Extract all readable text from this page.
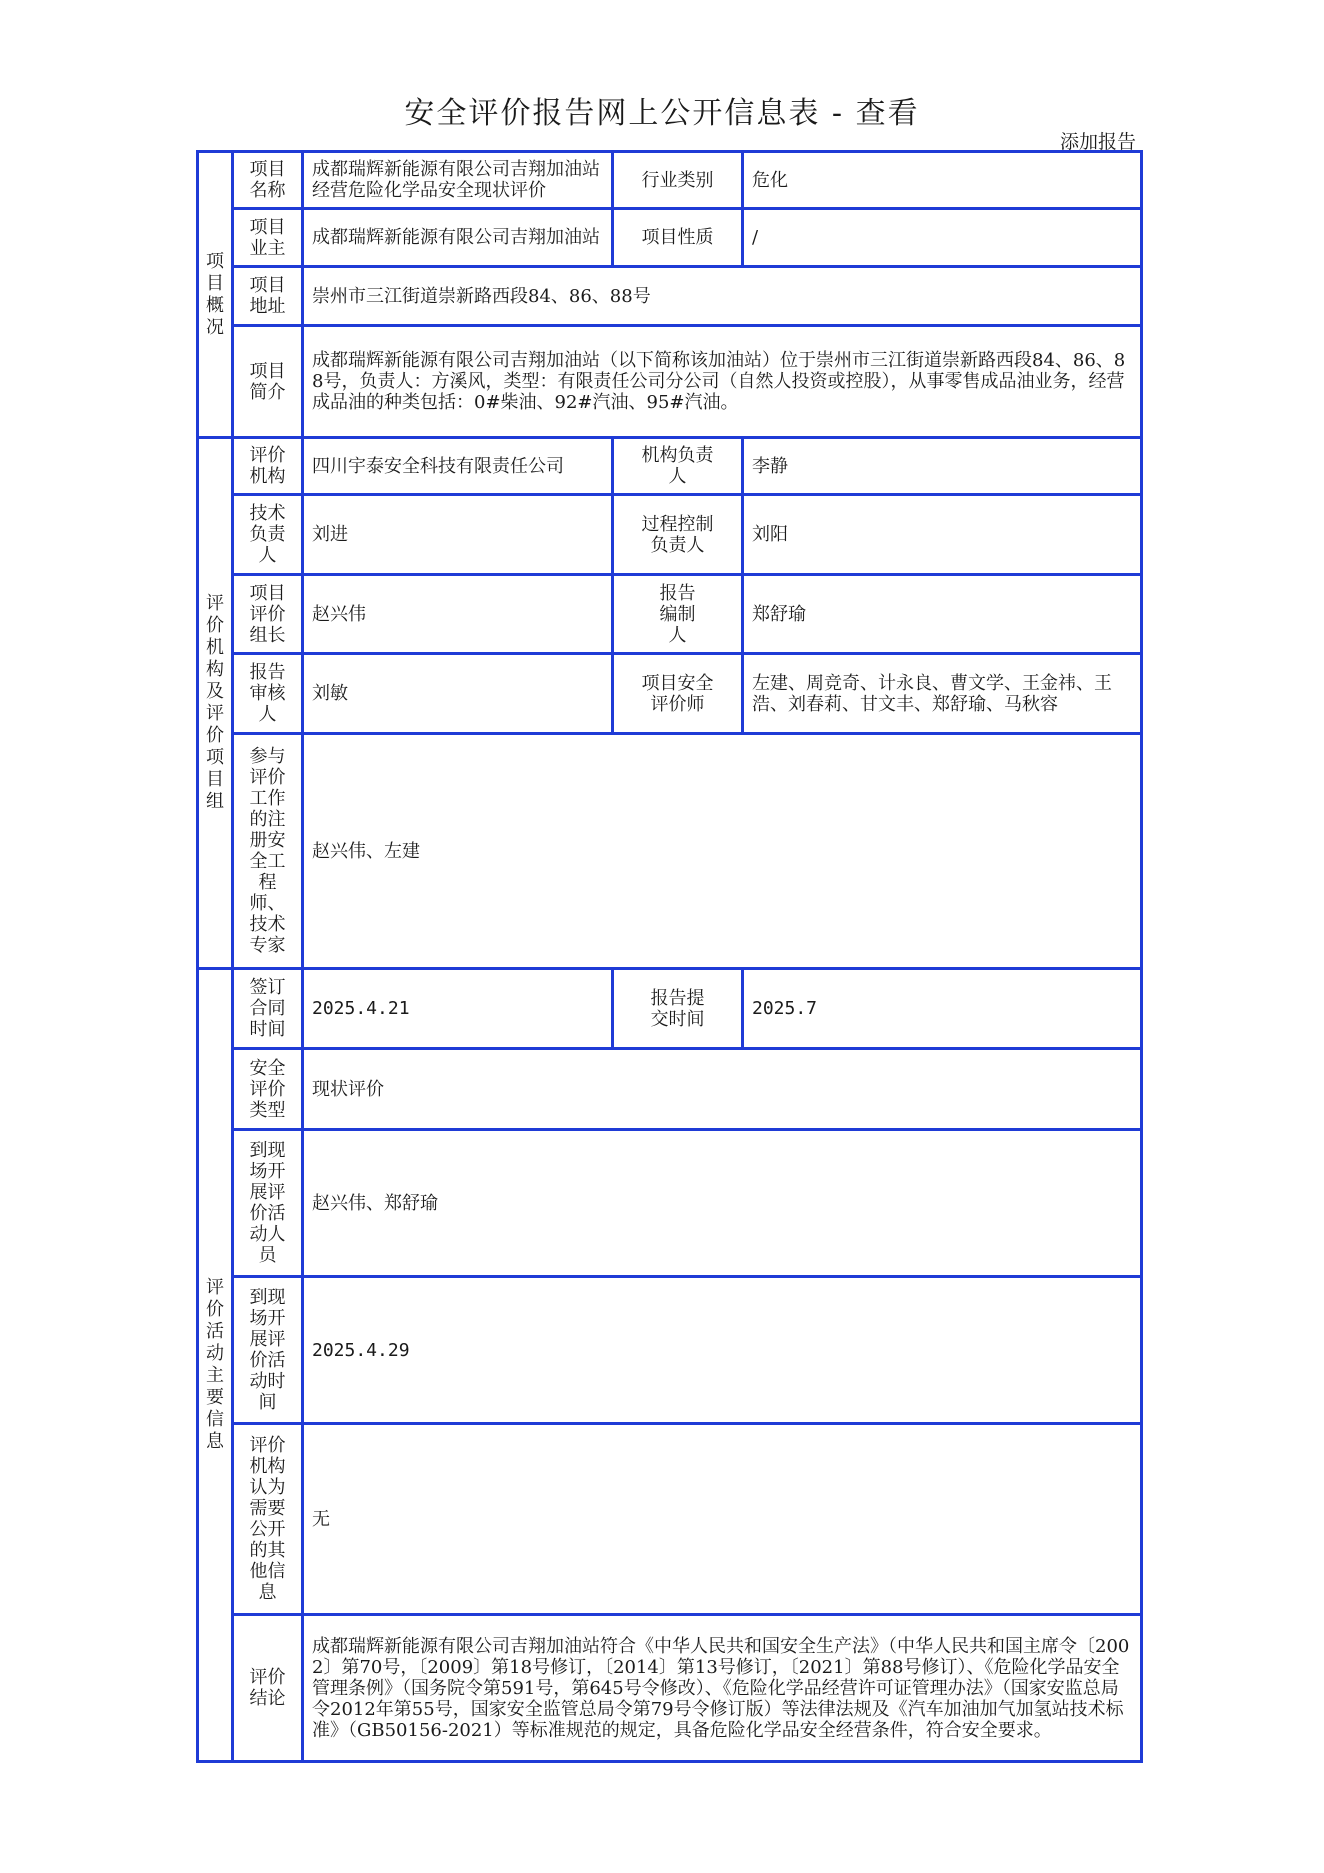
安全评价报告网上公开信息表 - 查看
添加报告
项目概况	项目名称	成都瑞辉新能源有限公司吉翔加油站经营危险化学品安全现状评价	行业类别	危化
	项目业主	成都瑞辉新能源有限公司吉翔加油站	项目性质	/
	项目地址	崇州市三江街道崇新路西段84、86、88号		
	项目简介	成都瑞辉新能源有限公司吉翔加油站（以下简称该加油站）位于崇州市三江街道崇新路西段84、86、88号，负责人：方溪风，类型：有限责任公司分公司（自然人投资或控股），从事零售成品油业务，经营成品油的种类包括：0#柴油、92#汽油、95#汽油。		
评价机构及评价项目组	评价机构	四川宇泰安全科技有限责任公司	机构负责人	李静
	技术负责人	刘进	过程控制负责人	刘阳
	项目评价组长	赵兴伟	报告编制人	郑舒瑜
	报告审核人	刘敏	项目安全评价师	左建、周竞奇、计永良、曹文学、王金祎、王浩、刘春莉、甘文丰、郑舒瑜、马秋容
	参与评价工作的注册安全工程师、技术专家	赵兴伟、左建		
评价活动主要信息	签订合同时间	2025.4.21	报告提交时间	2025.7
	安全评价类型	现状评价		
	到现场开展评价活动人员	赵兴伟、郑舒瑜		
	到现场开展评价活动时间	2025.4.29		
	评价机构认为需要公开的其他信息	无		
	评价结论	成都瑞辉新能源有限公司吉翔加油站符合《中华人民共和国安全生产法》（中华人民共和国主席令〔2002〕第70号，〔2009〕第18号修订，〔2014〕第13号修订，〔2021〕第88号修订）、《危险化学品安全管理条例》（国务院令第591号，第645号令修改）、《危险化学品经营许可证管理办法》（国家安监总局令2012年第55号，国家安全监管总局令第79号令修订版）等法律法规及《汽车加油加气加氢站技术标准》（GB50156-2021）等标准规范的规定，具备危险化学品安全经营条件，符合安全要求。		
